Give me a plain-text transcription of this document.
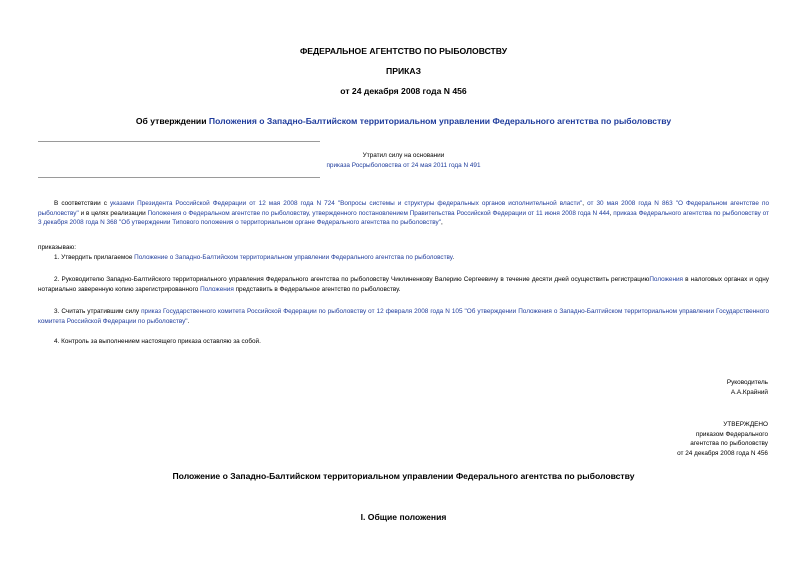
ФЕДЕРАЛЬНОЕ АГЕНТСТВО ПО РЫБОЛОВСТВУ
ПРИКАЗ
от 24 декабря 2008 года N 456
Об утверждении Положения о Западно-Балтийском территориальном управлении Федерального агентства по рыболовству
Утратил силу на основании
приказа Росрыболовства от 24 мая 2011 года N 491
В соответствии с указами Президента Российской Федерации от 12 мая 2008 года N 724 "Вопросы системы и структуры федеральных органов исполнительной власти", от 30 мая 2008 года N 863 "О Федеральном агентстве по рыболовству" и в целях реализации Положения о Федеральном агентстве по рыболовству, утвержденного постановлением Правительства Российской Федерации от 11 июня 2008 года N 444, приказа Федерального агентства по рыболовству от 3 декабря 2008 года N 368 "Об утверждении Типового положения о территориальном органе Федерального агентства по рыболовству",
приказываю:
1. Утвердить прилагаемое Положение о Западно-Балтийском территориальном управлении Федерального агентства по рыболовству.
2. Руководителю Западно-Балтийского территориального управления Федерального агентства по рыболовству Чиклиненкову Валерию Сергеевичу в течение десяти дней осуществить регистрациюПоложения в налоговых органах и одну нотариально заверенную копию зарегистрированного Положения представить в Федеральное агентство по рыболовству.
3. Считать утратившим силу приказ Государственного комитета Российской Федерации по рыболовству от 12 февраля 2008 года N 105 "Об утверждении Положения о Западно-Балтийском территориальном управлении Государственного комитета Российской Федерации по рыболовству".
4. Контроль за выполнением настоящего приказа оставляю за собой.
Руководитель
А.А.Крайний
УТВЕРЖДЕНО
приказом Федерального
агентства по рыболовству
от 24 декабря 2008 года N 456
Положение о Западно-Балтийском территориальном управлении Федерального агентства по рыболовству
I. Общие положения
